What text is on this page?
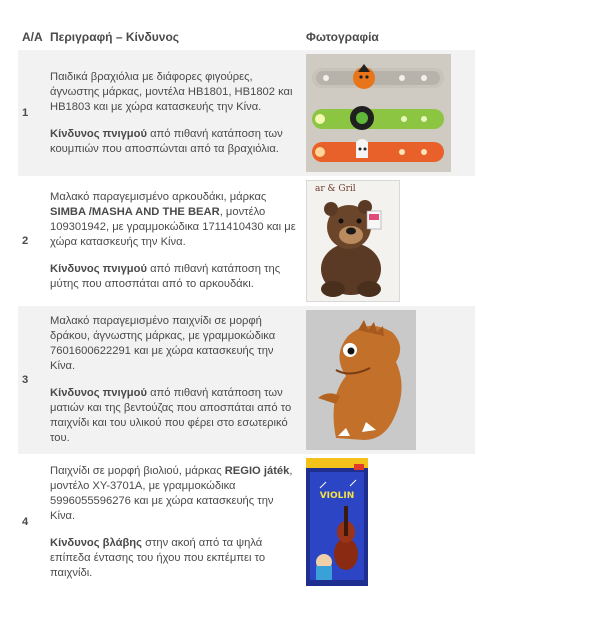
A/A	Περιγραφή – Κίνδυνος	Φωτογραφία
1	Παιδικά βραχιόλια με διάφορες φιγούρες, άγνωστης μάρκας, μοντέλα HB1801, HB1802 και HB1803 και με χώρα κατασκευής την Κίνα.
Κίνδυνος πνιγμού από πιθανή κατάποση των κουμπιών που αποσπώνται από τα βραχιόλια.

2	Μαλακό παραγεμισμένο αρκουδάκι, μάρκας SIMBA /MASHA AND THE BEAR, μοντέλο 109301942, με γραμμοκώδικα 1711410430 και με χώρα κατασκευής την Κίνα.
Κίνδυνος πνιγμού από πιθανή κατάποση της μύτης που αποσπάται από το αρκουδάκι.	ar & Gril

3	Μαλακό παραγεμισμένο παιχνίδι σε μορφή δράκου, άγνωστης μάρκας, με γραμμοκώδικα 7601600622291 και με χώρα κατασκευής την Κίνα.
Κίνδυνος πνιγμού από πιθανή κατάποση των ματιών και της βεντούζας που αποσπάται από το παιχνίδι και του υλικού που φέρει στο εσωτερικό του.

4	Παιχνίδι σε μορφή βιολιού, μάρκας REGIO játék, μοντέλο XY-3701A, με γραμμοκώδικα 5996055596276 και με χώρα κατασκευής την Κίνα.
Κίνδυνος βλάβης στην ακοή από τα ψηλά επίπεδα έντασης του ήχου που εκπέμπει το παιχνίδι.	VIOLIN
